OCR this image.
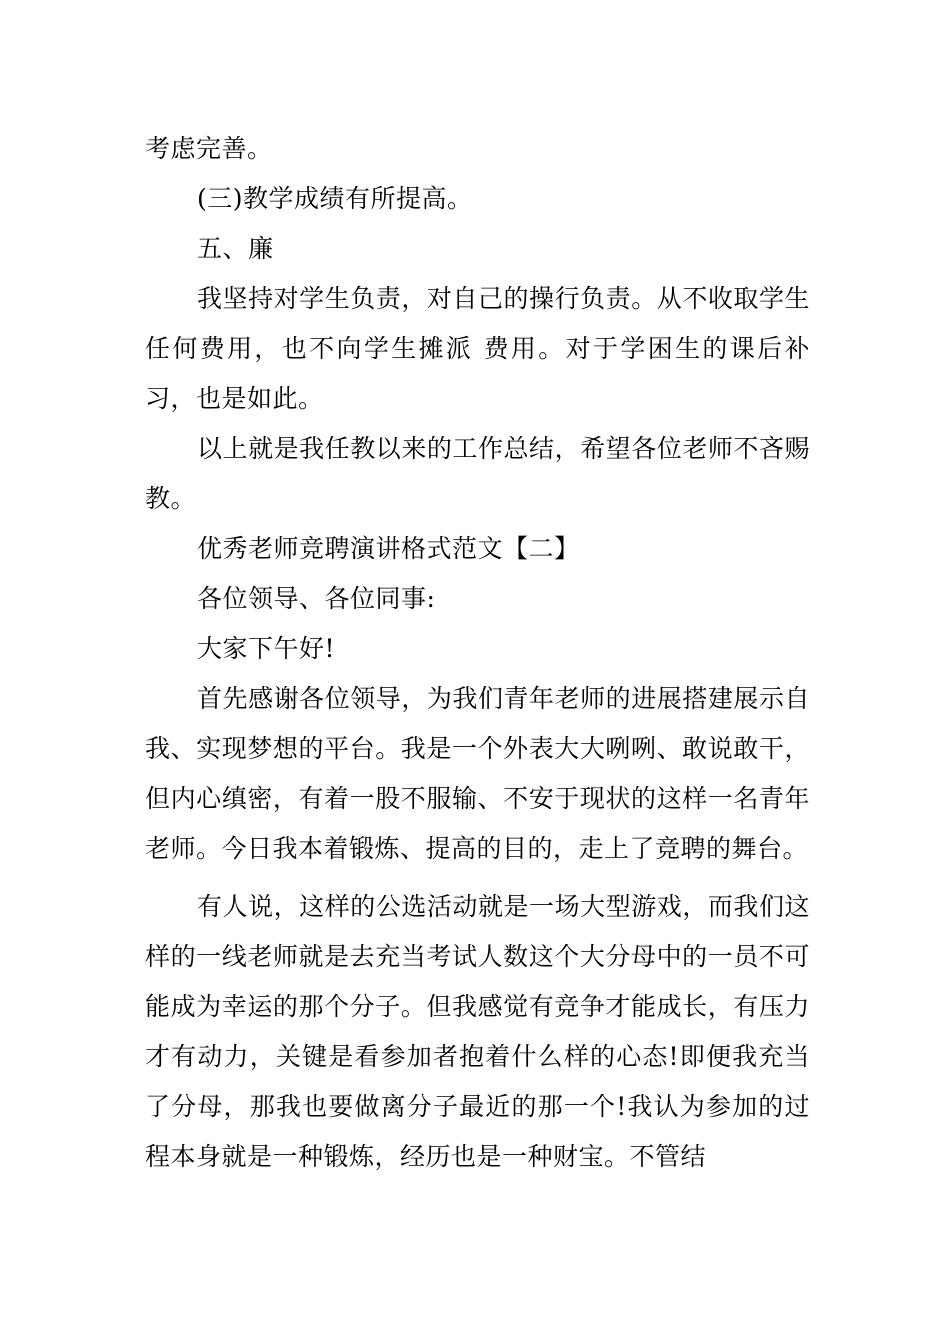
考虑完善。

(三)教学成绩有所提高。

五、廉

我坚持对学生负责，对自己的操行负责。从不收取学生任何费用，也不向学生摊派 费用。对于学困生的课后补习，也是如此。

以上就是我任教以来的工作总结，希望各位老师不吝赐教。

优秀老师竞聘演讲格式范文【二】

各位领导、各位同事:

大家下午好!

首先感谢各位领导，为我们青年老师的进展搭建展示自我、实现梦想的平台。我是一个外表大大咧咧、敢说敢干，但内心缜密，有着一股不服输、不安于现状的这样一名青年老师。今日我本着锻炼、提高的目的，走上了竞聘的舞台。

有人说，这样的公选活动就是一场大型游戏，而我们这样的一线老师就是去充当考试人数这个大分母中的一员不可能成为幸运的那个分子。但我感觉有竞争才能成长，有压力才有动力，关键是看参加者抱着什么样的心态!即便我充当了分母，那我也要做离分子最近的那一个!我认为参加的过程本身就是一种锻炼，经历也是一种财宝。不管结
